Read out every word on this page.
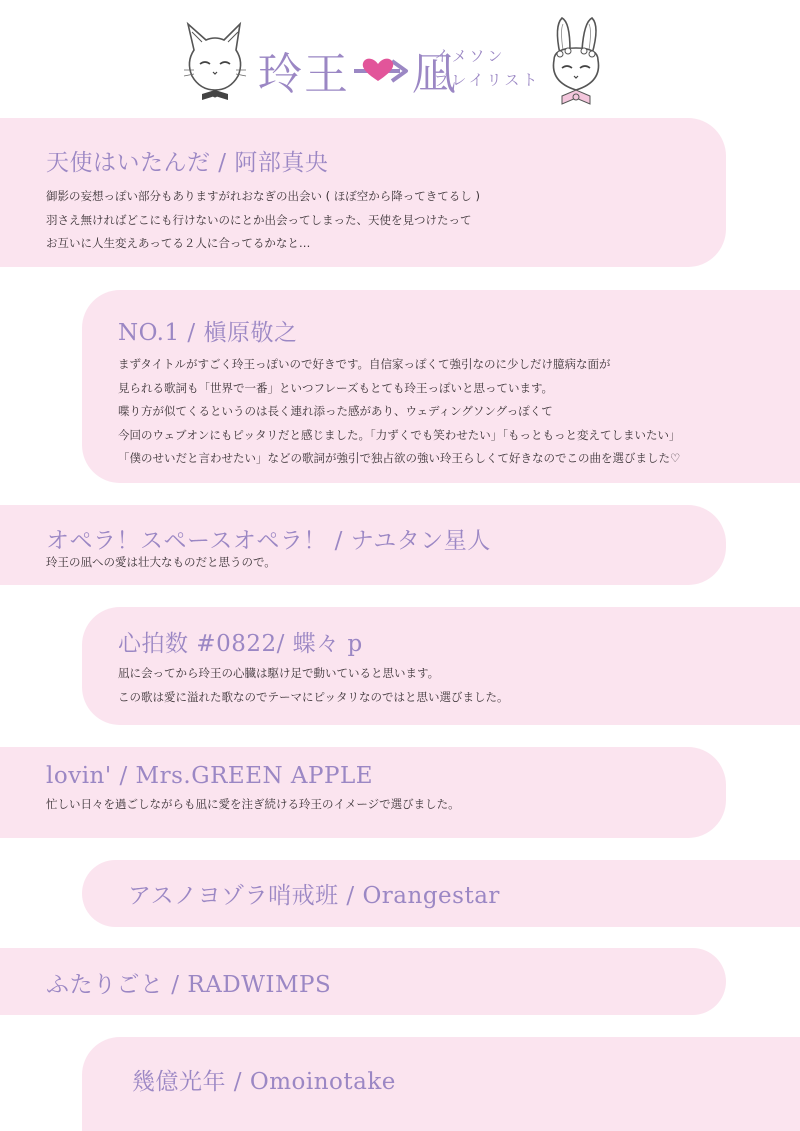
玲王 凪
イメソン
プレイリスト
天使はいたんだ / 阿部真央

御影の妄想っぽい部分もありますがれおなぎの出会い ( ほぼ空から降ってきてるし )

羽さえ無ければどこにも行けないのにとか出会ってしまった、天使を見つけたって

お互いに人生変えあってる２人に合ってるかなと…

NO.1 / 槇原敬之

まずタイトルがすごく玲王っぽいので好きです。自信家っぽくて強引なのに少しだけ臆病な面が

見られる歌詞も「世界で一番」といつフレーズもとても玲王っぽいと思っています。

喋り方が似てくるというのは長く連れ添った感があり、ウェディングソングっぽくて

今回のウェブオンにもピッタリだと感じました。「力ずくでも笑わせたい」「もっともっと変えてしまいたい」

「僕のせいだと言わせたい」などの歌詞が強引で独占欲の強い玲王らしくて好きなのでこの曲を選びました♡

オペラ！スペースオペラ！ / ナユタン星人

玲王の凪への愛は壮大なものだと思うので。

心拍数 #0822/ 蝶々 p

凪に会ってから玲王の心臓は駆け足で動いていると思います。

この歌は愛に溢れた歌なのでテーマにピッタリなのではと思い選びました。

lovin' / Mrs.GREEN APPLE

忙しい日々を過ごしながらも凪に愛を注ぎ続ける玲王のイメージで選びました。

アスノヨゾラ哨戒班 / Orangestar
ふたりごと / RADWIMPS
幾億光年 / Omoinotake
